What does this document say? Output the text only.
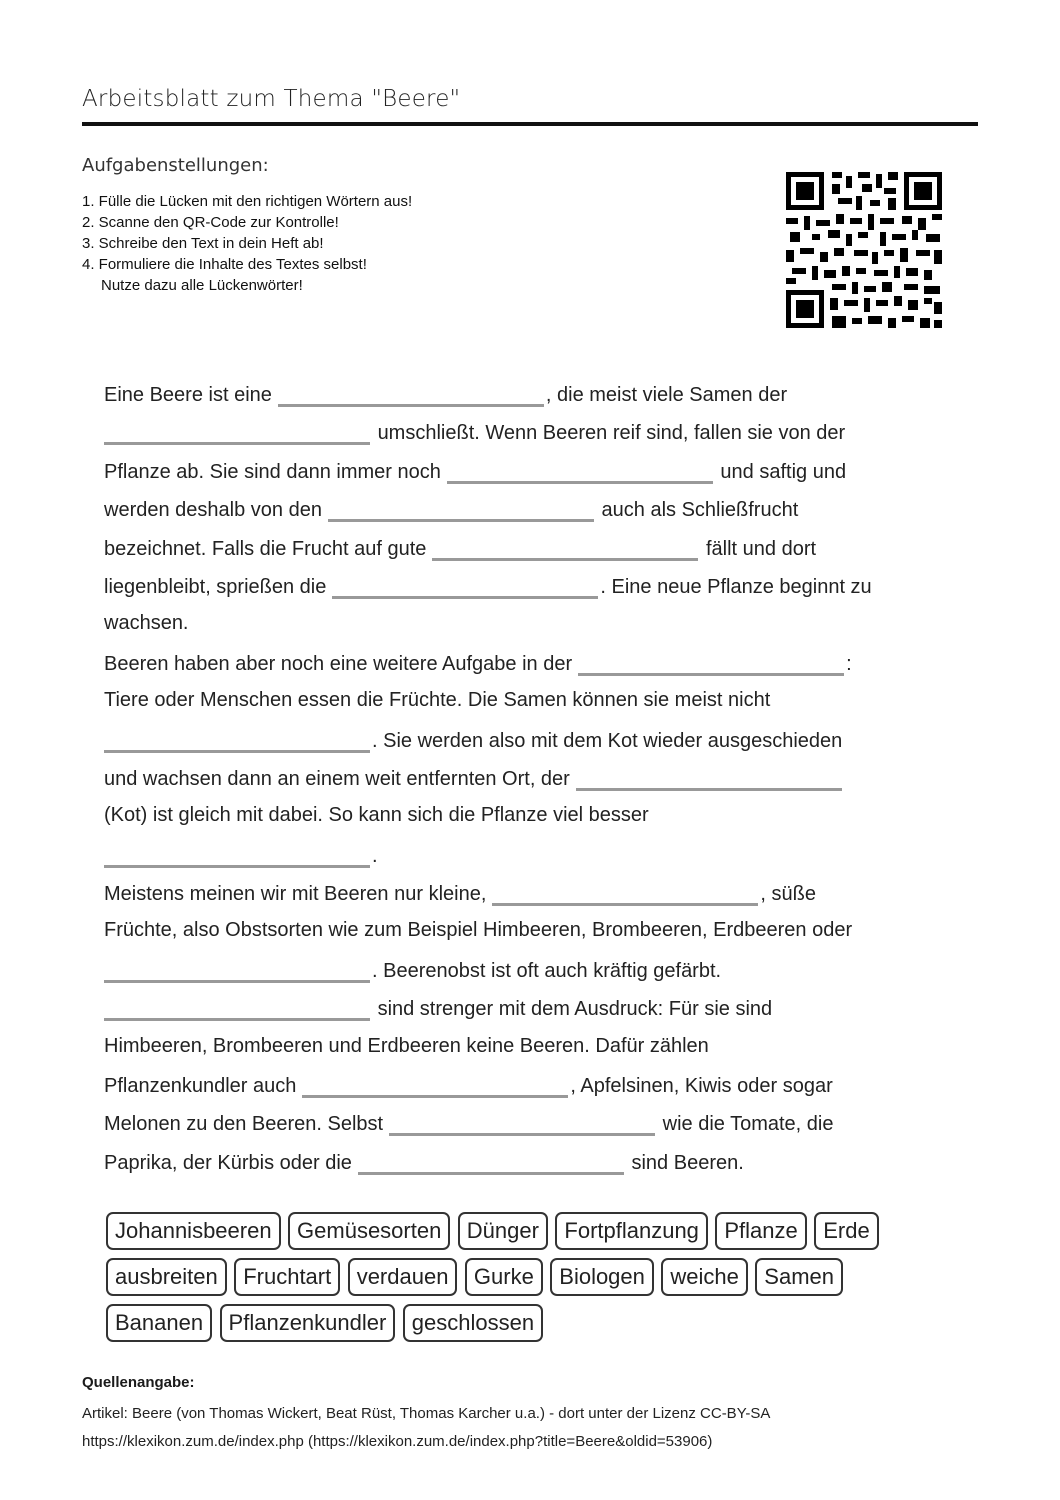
Arbeitsblatt zum Thema "Beere"
Aufgabenstellungen:
1. Fülle die Lücken mit den richtigen Wörtern aus!
2. Scanne den QR-Code zur Kontrolle!
3. Schreibe den Text in dein Heft ab!
4. Formuliere die Inhalte des Textes selbst!
Nutze dazu alle Lückenwörter!
Eine Beere ist eine	, die meist viele Samen der
umschließt. Wenn Beeren reif sind, fallen sie von der
Pflanze ab. Sie sind dann immer noch	und saftig und
werden deshalb von den	auch als Schließfrucht
bezeichnet. Falls die Frucht auf gute	fällt und dort
liegenbleibt, sprießen die	. Eine neue Pflanze beginnt zu
wachsen.
Beeren haben aber noch eine weitere Aufgabe in der	:
Tiere oder Menschen essen die Früchte. Die Samen können sie meist nicht
. Sie werden also mit dem Kot wieder ausgeschieden
und wachsen dann an einem weit entfernten Ort, der
(Kot) ist gleich mit dabei. So kann sich die Pflanze viel besser
.
Meistens meinen wir mit Beeren nur kleine,	, süße
Früchte, also Obstsorten wie zum Beispiel Himbeeren, Brombeeren, Erdbeeren oder
. Beerenobst ist oft auch kräftig gefärbt.
sind strenger mit dem Ausdruck: Für sie sind
Himbeeren, Brombeeren und Erdbeeren keine Beeren. Dafür zählen
Pflanzenkundler auch	, Apfelsinen, Kiwis oder sogar
Melonen zu den Beeren. Selbst	wie die Tomate, die
Paprika, der Kürbis oder die	sind Beeren.
Johannisbeeren Gemüsesorten Dünger Fortpflanzung Pflanze Erde
ausbreiten Fruchtart verdauen Gurke Biologen weiche Samen
Bananen Pflanzenkundler geschlossen
Quellenangabe:
Artikel: Beere (von Thomas Wickert, Beat Rüst, Thomas Karcher u.a.) - dort unter der Lizenz CC-BY-SA
https://klexikon.zum.de/index.php (https://klexikon.zum.de/index.php?title=Beere&oldid=53906)
